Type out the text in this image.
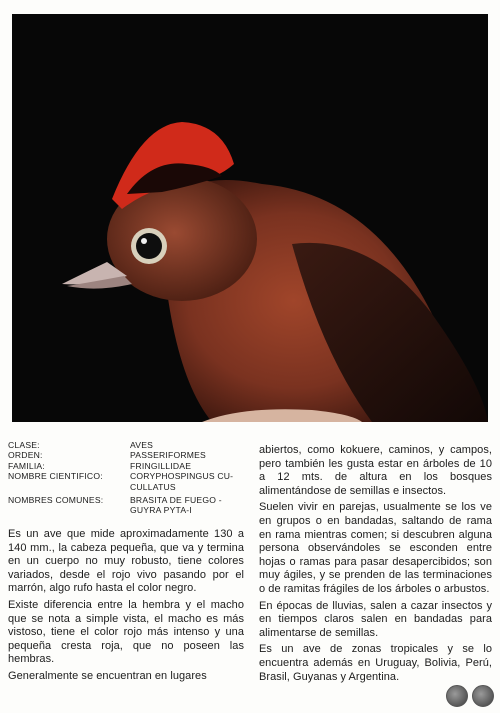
CLASE:	AVES
ORDEN:	PASSERIFORMES
FAMILIA:	FRINGILLIDAE
NOMBRE CIENTIFICO:	CORYPHOSPINGUS CU-
CULLATUS
NOMBRES COMUNES:	BRASITA DE FUEGO -
GUYRA PYTA-I

Es un ave que mide aproximadamente 130 a 140 mm., la cabeza pequeña, que va y termina en un cuerpo no muy robusto, tiene colores variados, desde el rojo vivo pasando por el marrón, algo rufo hasta el color negro.

Existe diferencia entre la hembra y el macho que se nota a simple vista, el macho es más vistoso, tiene el color rojo más intenso y una pequeña cresta roja, que no poseen las hembras.

Generalmente se encuentran en lugares

abiertos, como kokuere, caminos, y campos, pero también les gusta estar en árboles de 10 a 12 mts. de altura en los bosques alimentándose de semillas e insectos.

Suelen vivir en parejas, usualmente se los ve en grupos o en bandadas, saltando de rama en rama mientras comen; si descubren alguna persona observándoles se esconden entre hojas o ramas para pasar desapercibidos; son muy ágiles, y se prenden de las terminaciones o de ramitas frágiles de los árboles o arbustos.

En épocas de lluvias, salen a cazar insectos y en tiempos claros salen en bandadas para alimentarse de semillas.

Es un ave de zonas tropicales y se lo encuentra además en Uruguay, Bolivia, Perú, Brasil, Guyanas y Argentina.
